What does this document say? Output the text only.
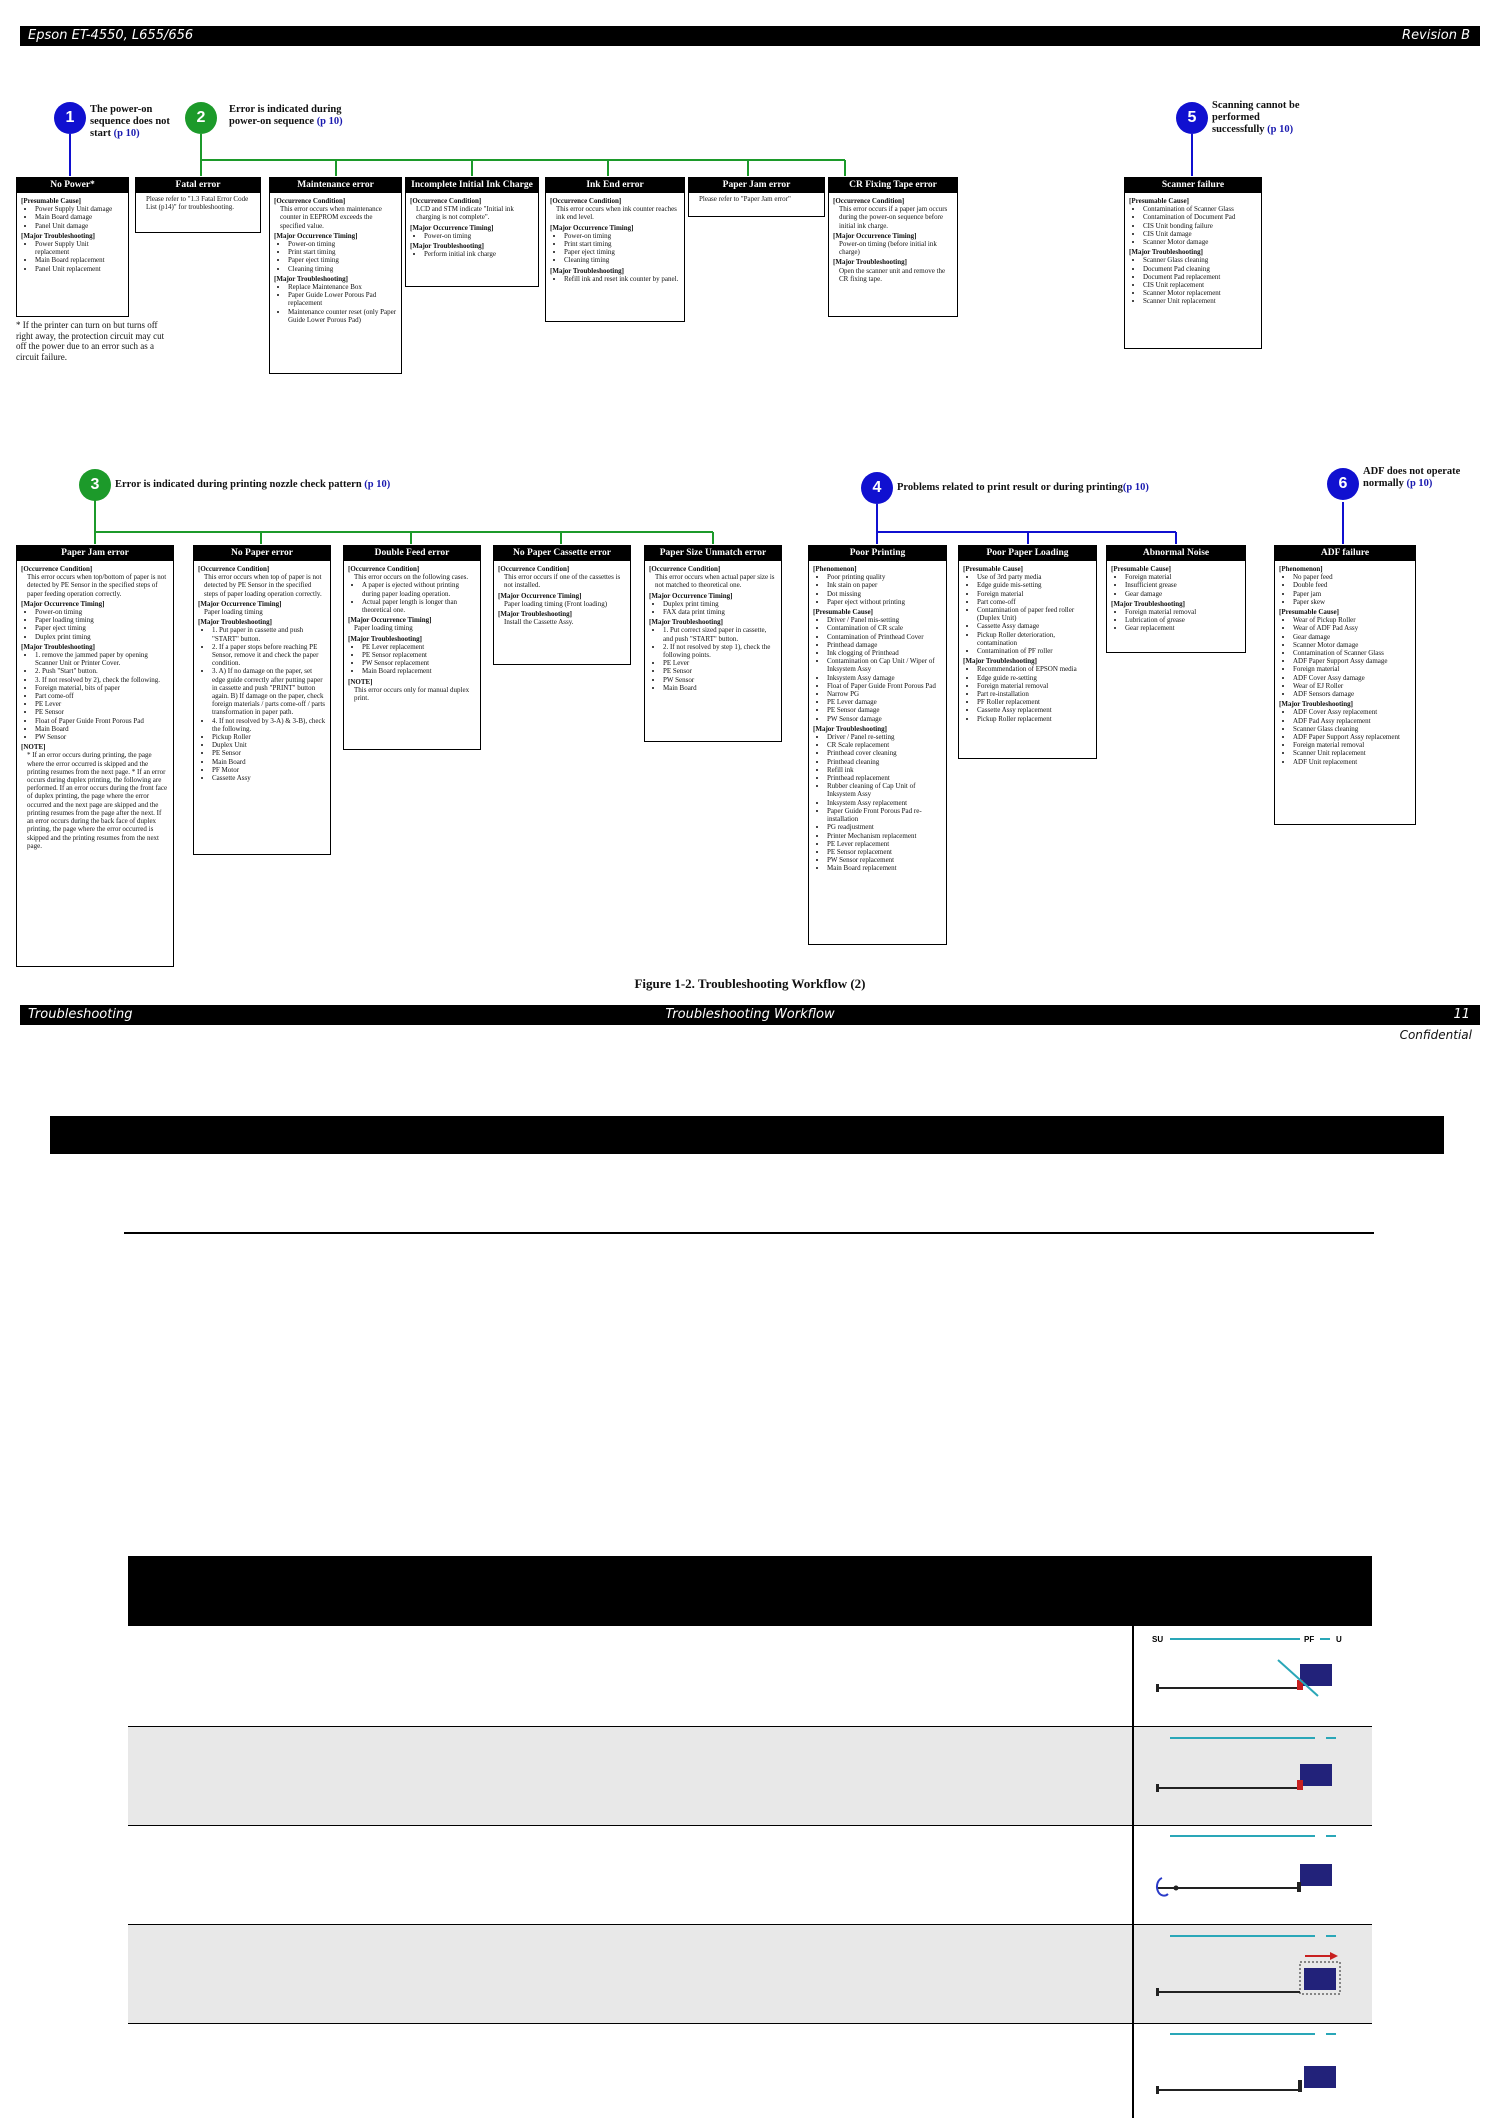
Epson ET-4550, L655/656	Revision B
1	The power-on sequence does not start (p 10)
2	Error is indicated during power-on sequence (p 10)	5
Scanning cannot be performed successfully (p 10)
3	Error is indicated during printing nozzle check pattern (p 10)	4	Problems related to print result or during printing(p 10)	6
ADF does not operate normally (p 10)
No Power*
[Presumable Cause]
• Power Supply Unit damage
• Main Board damage
• Panel Unit damage
[Major Troubleshooting]
• Power Supply Unit replacement
• Main Board replacement
• Panel Unit replacement
Fatal error

Please refer to "1.3 Fatal Error Code List (p14)" for troubleshooting.

Maintenance error
[Occurrence Condition]

This error occurs when maintenance counter in EEPROM exceeds the specified value.

[Major Occurrence Timing]
• Power-on timing
• Print start timing
• Paper eject timing
• Cleaning timing
[Major Troubleshooting]
• Replace Maintenance Box
• Paper Guide Lower Porous Pad replacement
• Maintenance counter reset (only Paper Guide Lower Porous Pad)
Incomplete Initial Ink Charge
[Occurrence Condition]

LCD and STM indicate "Initial ink charging is not complete".

[Major Occurrence Timing]
• Power-on timing
[Major Troubleshooting]
• Perform initial ink charge
Ink End error
[Occurrence Condition]

This error occurs when ink counter reaches ink end level.

[Major Occurrence Timing]
• Power-on timing
• Print start timing
• Paper eject timing
• Cleaning timing
[Major Troubleshooting]
• Refill ink and reset ink counter by panel.
Paper Jam error

Please refer to "Paper Jam error"

CR Fixing Tape error
[Occurrence Condition]

This error occurs if a paper jam occurs during the power-on sequence before initial ink charge.

[Major Occurrence Timing]

Power-on timing (before initial ink charge)

[Major Troubleshooting]

Open the scanner unit and remove the CR fixing tape.

Scanner failure
[Presumable Cause]
• Contamination of Scanner Glass
• Contamination of Document Pad
• CIS Unit bonding failure
• CIS Unit damage
• Scanner Motor damage
[Major Troubleshooting]
• Scanner Glass cleaning
• Document Pad cleaning
• Document Pad replacement
• CIS Unit replacement
• Scanner Motor replacement
• Scanner Unit replacement
* If the printer can turn on but turns off right away, the protection circuit may cut off the power due to an error such as a circuit failure.
Paper Jam error
[Occurrence Condition]

This error occurs when top/bottom of paper is not detected by PE Sensor in the specified steps of paper feeding operation correctly.

[Major Occurrence Timing]
• Power-on timing
• Paper loading timing
• Paper eject timing
• Duplex print timing
[Major Troubleshooting]
• 1. remove the jammed paper by opening Scanner Unit or Printer Cover.
• 2. Push "Start" button.
• 3. If not resolved by 2), check the following.
• Foreign material, bits of paper
• Part come-off
• PE Lever
• PE Sensor
• Float of Paper Guide Front Porous Pad
• Main Board
• PW Sensor
[NOTE]

* If an error occurs during printing, the page where the error occurred is skipped and the printing resumes from the next page. * If an error occurs during duplex printing, the following are performed. If an error occurs during the front face of duplex printing, the page where the error occurred and the next page are skipped and the printing resumes from the page after the next. If an error occurs during the back face of duplex printing, the page where the error occurred is skipped and the printing resumes from the next page.

No Paper error
[Occurrence Condition]

This error occurs when top of paper is not detected by PE Sensor in the specified steps of paper loading operation correctly.

[Major Occurrence Timing]

Paper loading timing

[Major Troubleshooting]
• 1. Put paper in cassette and push "START" button.
• 2. If a paper stops before reaching PE Sensor, remove it and check the paper condition.
• 3. A) If no damage on the paper, set edge guide correctly after putting paper in cassette and push "PRINT" button again. B) If damage on the paper, check foreign materials / parts come-off / parts transformation in paper path.
• 4. If not resolved by 3-A) & 3-B), check the following.
• Pickup Roller
• Duplex Unit
• PE Sensor
• Main Board
• PF Motor
• Cassette Assy
Double Feed error
[Occurrence Condition]

This error occurs on the following cases.

• A paper is ejected without printing during paper loading operation.
• Actual paper length is longer than theoretical one.
[Major Occurrence Timing]

Paper loading timing

[Major Troubleshooting]
• PE Lever replacement
• PE Sensor replacement
• PW Sensor replacement
• Main Board replacement
[NOTE]

This error occurs only for manual duplex print.

No Paper Cassette error
[Occurrence Condition]

This error occurs if one of the cassettes is not installed.

[Major Occurrence Timing]

Paper loading timing (Front loading)

[Major Troubleshooting]

Install the Cassette Assy.

Paper Size Unmatch error
[Occurrence Condition]

This error occurs when actual paper size is not matched to theoretical one.

[Major Occurrence Timing]
• Duplex print timing
• FAX data print timing
[Major Troubleshooting]
• 1. Put correct sized paper in cassette, and push "START" button.
• 2. If not resolved by step 1), check the following points.
• PE Lever
• PE Sensor
• PW Sensor
• Main Board
Poor Printing
[Phenomenon]
• Poor printing quality
• Ink stain on paper
• Dot missing
• Paper eject without printing
[Presumable Cause]
• Driver / Panel mis-setting
• Contamination of CR scale
• Contamination of Printhead Cover
• Printhead damage
• Ink clogging of Printhead
• Contamination on Cap Unit / Wiper of Inksystem Assy
• Inksystem Assy damage
• Float of Paper Guide Front Porous Pad
• Narrow PG
• PE Lever damage
• PE Sensor damage
• PW Sensor damage
[Major Troubleshooting]
• Driver / Panel re-setting
• CR Scale replacement
• Printhead cover cleaning
• Printhead cleaning
• Refill ink
• Printhead replacement
• Rubber cleaning of Cap Unit of Inksystem Assy
• Inksystem Assy replacement
• Paper Guide Front Porous Pad re-installation
• PG readjustment
• Printer Mechanism replacement
• PE Lever replacement
• PE Sensor replacement
• PW Sensor replacement
• Main Board replacement
Poor Paper Loading
[Presumable Cause]
• Use of 3rd party media
• Edge guide mis-setting
• Foreign material
• Part come-off
• Contamination of paper feed roller (Duplex Unit)
• Cassette Assy damage
• Pickup Roller deterioration, contamination
• Contamination of PF roller
[Major Troubleshooting]
• Recommendation of EPSON media
• Edge guide re-setting
• Foreign material removal
• Part re-installation
• PF Roller replacement
• Cassette Assy replacement
• Pickup Roller replacement
Abnormal Noise
[Presumable Cause]
• Foreign material
• Insufficient grease
• Gear damage
[Major Troubleshooting]
• Foreign material removal
• Lubrication of grease
• Gear replacement
ADF failure
[Phenomenon]
• No paper feed
• Double feed
• Paper jam
• Paper skew
[Presumable Cause]
• Wear of Pickup Roller
• Wear of ADF Pad Assy
• Gear damage
• Scanner Motor damage
• Contamination of Scanner Glass
• ADF Paper Support Assy damage
• Foreign material
• ADF Cover Assy damage
• Wear of EJ Roller
• ADF Sensors damage
[Major Troubleshooting]
• ADF Cover Assy replacement
• ADF Pad Assy replacement
• Scanner Glass cleaning
• ADF Paper Support Assy replacement
• Foreign material removal
• Scanner Unit replacement
• ADF Unit replacement
Figure 1-2. Troubleshooting Workflow (2)
Troubleshooting	Troubleshooting Workflow	11
Confidential
SU	PF	U
